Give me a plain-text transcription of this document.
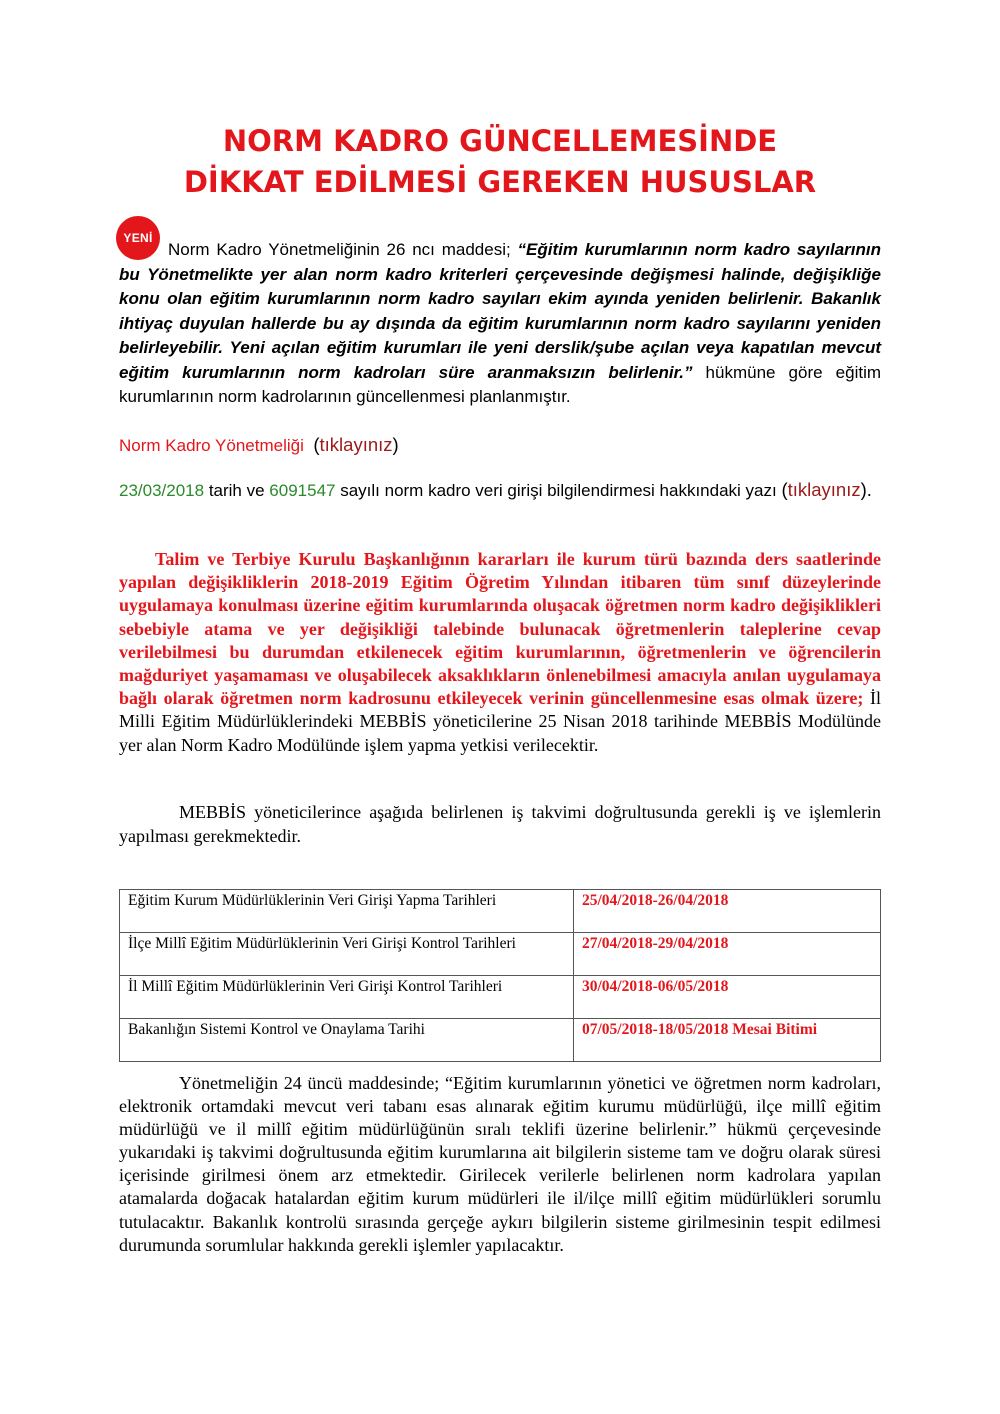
NORM KADRO GÜNCELLEMESİNDE
DİKKAT EDİLMESİ GEREKEN HUSUSLAR
YENİ

Norm Kadro Yönetmeliğinin 26 ncı maddesi; “Eğitim kurumlarının norm kadro sayılarının bu Yönetmelikte yer alan norm kadro kriterleri çerçevesinde değişmesi halinde, değişikliğe konu olan eğitim kurumlarının norm kadro sayıları ekim ayında yeniden belirlenir. Bakanlık ihtiyaç duyulan hallerde bu ay dışında da eğitim kurumlarının norm kadro sayılarını yeniden belirleyebilir. Yeni açılan eğitim kurumları ile yeni derslik/şube açılan veya kapatılan mevcut eğitim kurumlarının norm kadroları süre aranmaksızın belirlenir.” hükmüne göre eğitim kurumlarının norm kadrolarının güncellenmesi planlanmıştır.

Norm Kadro Yönetmeliği (tıklayınız)

23/03/2018 tarih ve 6091547 sayılı norm kadro veri girişi bilgilendirmesi hakkındaki yazı (tıklayınız).

Talim ve Terbiye Kurulu Başkanlığının kararları ile kurum türü bazında ders saatlerinde yapılan değişikliklerin 2018-2019 Eğitim Öğretim Yılından itibaren tüm sınıf düzeylerinde uygulamaya konulması üzerine eğitim kurumlarında oluşacak öğretmen norm kadro değişiklikleri sebebiyle atama ve yer değişikliği talebinde bulunacak öğretmenlerin taleplerine cevap verilebilmesi bu durumdan etkilenecek eğitim kurumlarının, öğretmenlerin ve öğrencilerin mağduriyet yaşamaması ve oluşabilecek aksaklıkların önlenebilmesi amacıyla anılan uygulamaya bağlı olarak öğretmen norm kadrosunu etkileyecek verinin güncellenmesine esas olmak üzere; İl Milli Eğitim Müdürlüklerindeki MEBBİS yöneticilerine 25 Nisan 2018 tarihinde MEBBİS Modülünde yer alan Norm Kadro Modülünde işlem yapma yetkisi verilecektir.

MEBBİS yöneticilerince aşağıda belirlenen iş takvimi doğrultusunda gerekli iş ve işlemlerin yapılması gerekmektedir.

Eğitim Kurum Müdürlüklerinin Veri Girişi Yapma Tarihleri	25/04/2018-26/04/2018
İlçe Millî Eğitim Müdürlüklerinin Veri Girişi Kontrol Tarihleri	27/04/2018-29/04/2018
İl Millî Eğitim Müdürlüklerinin Veri Girişi Kontrol Tarihleri	30/04/2018-06/05/2018
Bakanlığın Sistemi Kontrol ve Onaylama Tarihi	07/05/2018-18/05/2018 Mesai Bitimi

Yönetmeliğin 24 üncü maddesinde; “Eğitim kurumlarının yönetici ve öğretmen norm kadroları, elektronik ortamdaki mevcut veri tabanı esas alınarak eğitim kurumu müdürlüğü, ilçe millî eğitim müdürlüğü ve il millî eğitim müdürlüğünün sıralı teklifi üzerine belirlenir.” hükmü çerçevesinde yukarıdaki iş takvimi doğrultusunda eğitim kurumlarına ait bilgilerin sisteme tam ve doğru olarak süresi içerisinde girilmesi önem arz etmektedir. Girilecek verilerle belirlenen norm kadrolara yapılan atamalarda doğacak hatalardan eğitim kurum müdürleri ile il/ilçe millî eğitim müdürlükleri sorumlu tutulacaktır. Bakanlık kontrolü sırasında gerçeğe aykırı bilgilerin sisteme girilmesinin tespit edilmesi durumunda sorumlular hakkında gerekli işlemler yapılacaktır.
